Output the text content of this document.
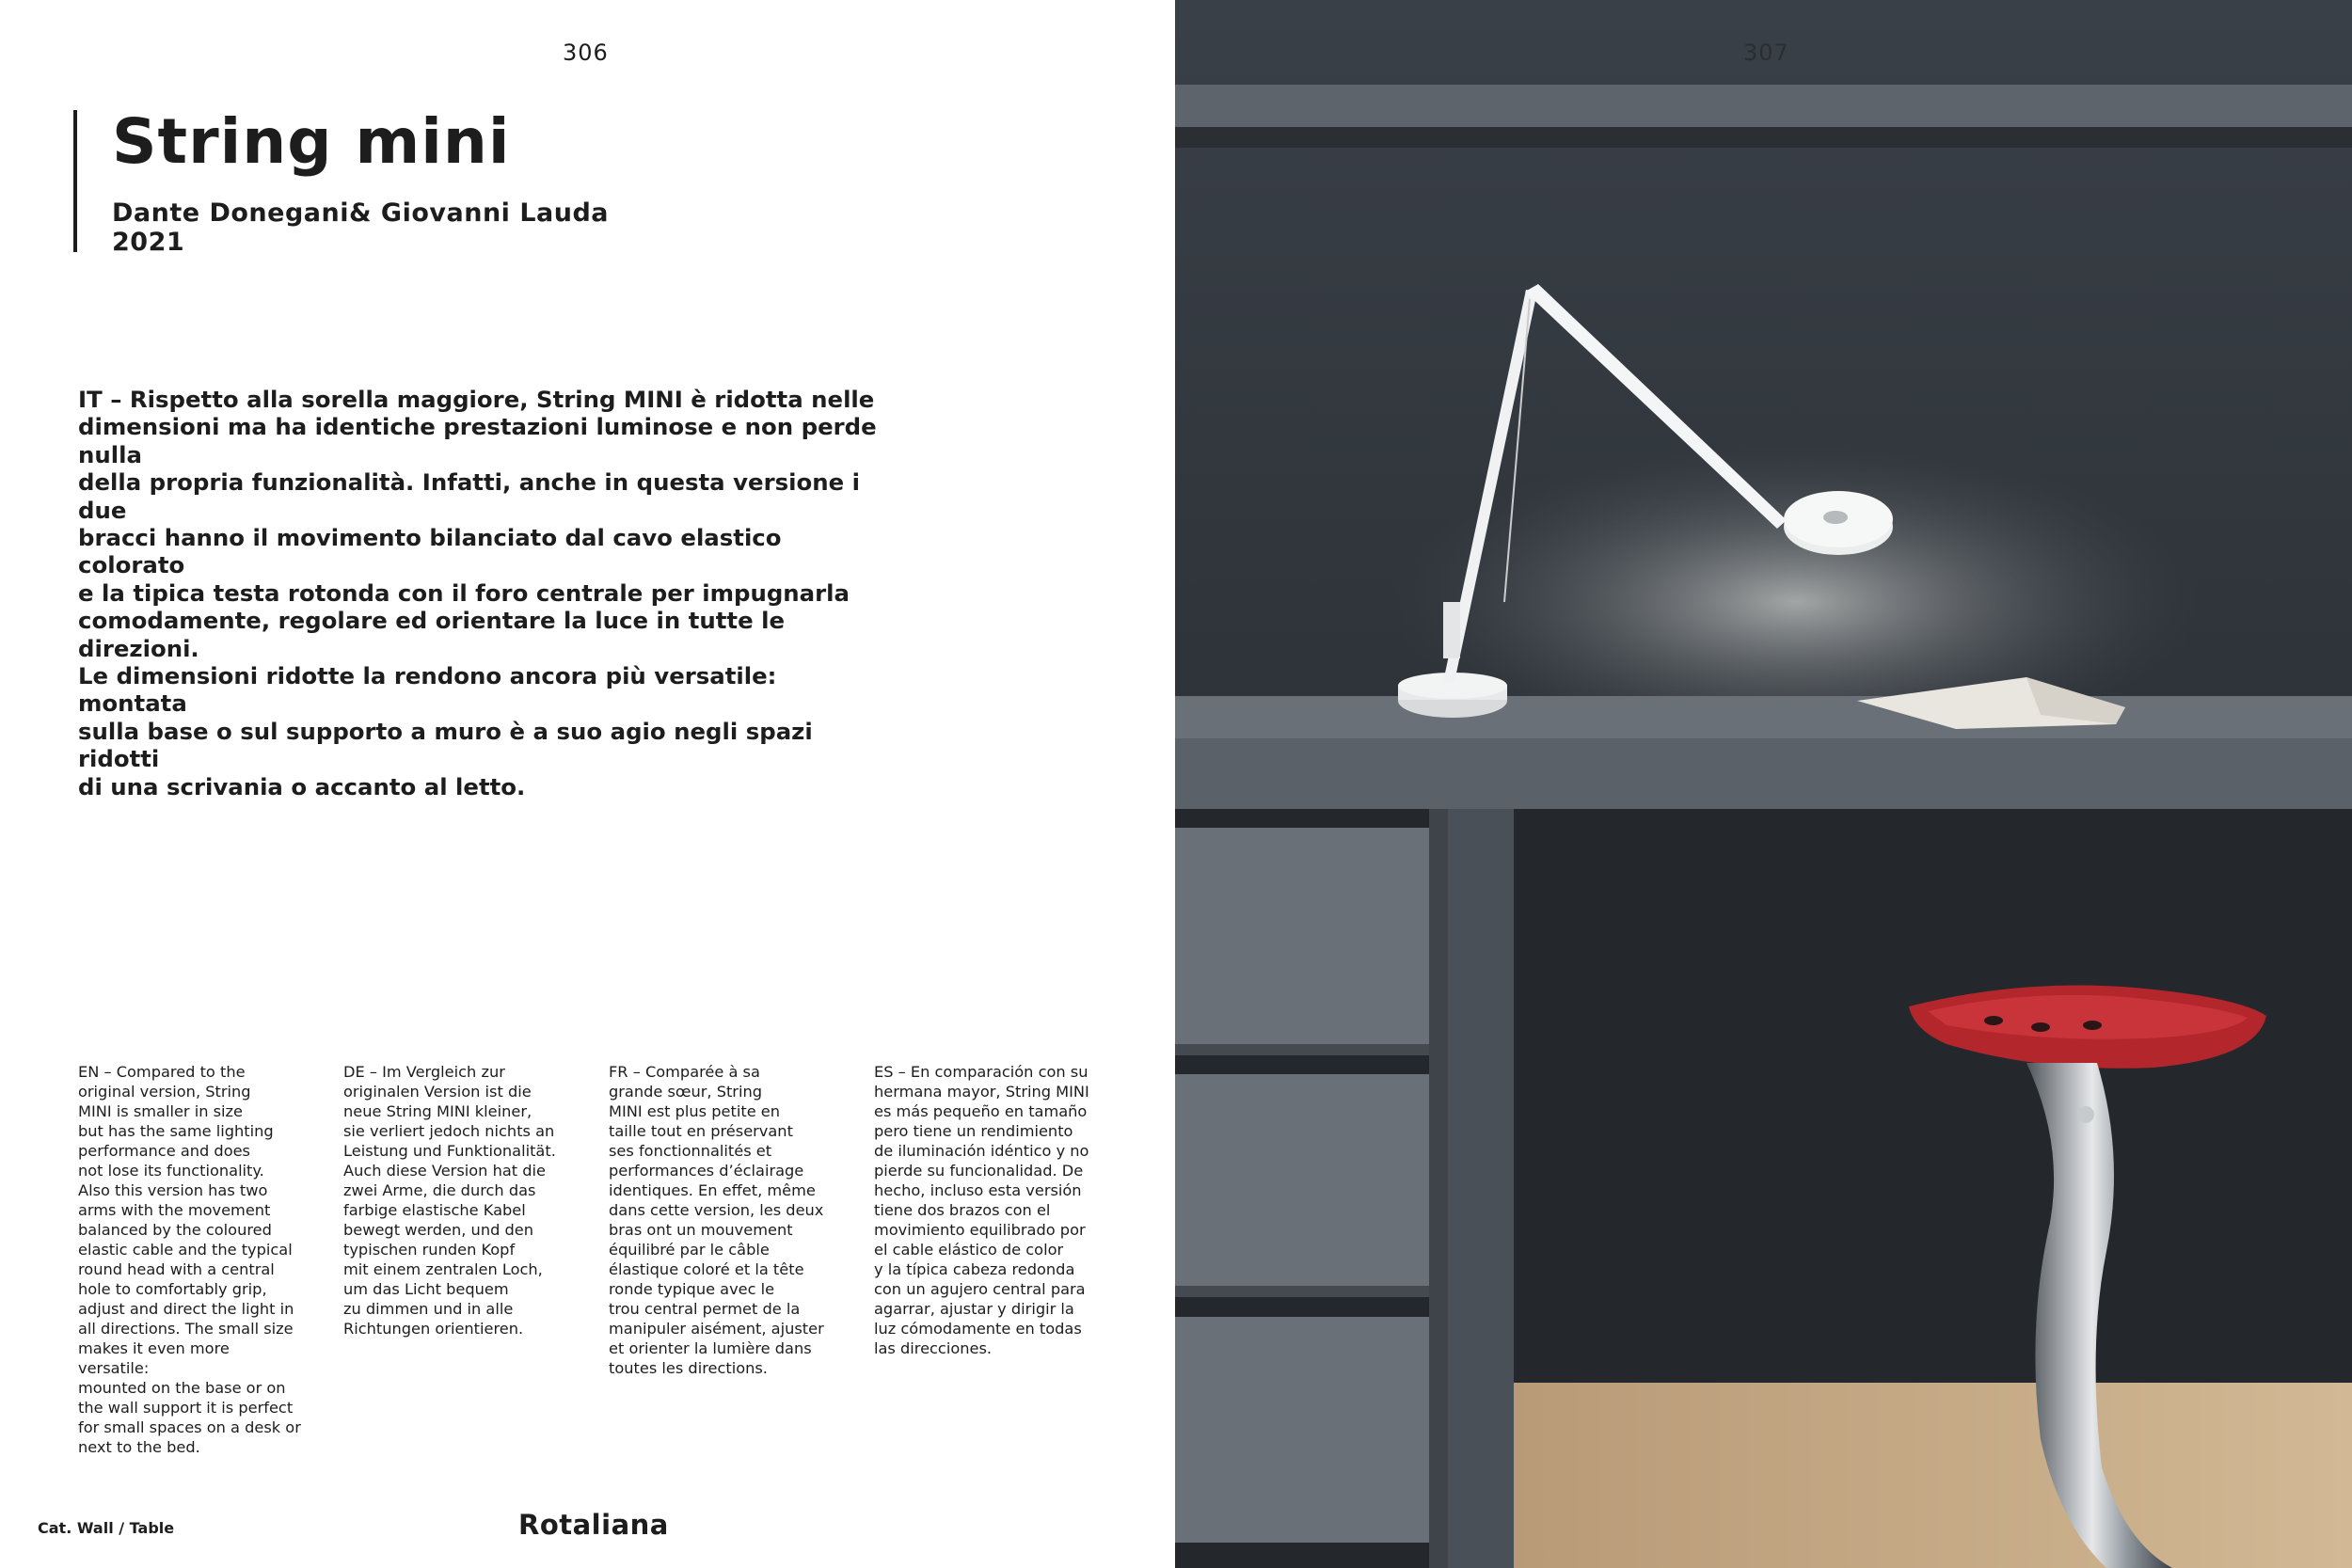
306
String mini
Dante Donegani& Giovanni Lauda
2021
IT – Rispetto alla sorella maggiore, String MINI è ridotta nelle
dimensioni ma ha identiche prestazioni luminose e non perde nulla
della propria funzionalità. Infatti, anche in questa versione i due
bracci hanno il movimento bilanciato dal cavo elastico colorato
e la tipica testa rotonda con il foro centrale per impugnarla
comodamente, regolare ed orientare la luce in tutte le direzioni.
Le dimensioni ridotte la rendono ancora più versatile: montata
sulla base o sul supporto a muro è a suo agio negli spazi ridotti
di una scrivania o accanto al letto.
EN – Compared to the
original version, String
MINI is smaller in size
but has the same lighting
performance and does
not lose its functionality.
Also this version has two
arms with the movement
balanced by the coloured
elastic cable and the typical
round head with a central
hole to comfortably grip,
adjust and direct the light in
all directions. The small size
makes it even more versatile:
mounted on the base or on
the wall support it is perfect
for small spaces on a desk or
next to the bed.
DE – Im Vergleich zur
originalen Version ist die
neue String MINI kleiner,
sie verliert jedoch nichts an
Leistung und Funktionalität.
Auch diese Version hat die
zwei Arme, die durch das
farbige elastische Kabel
bewegt werden, und den
typischen runden Kopf
mit einem zentralen Loch,
um das Licht bequem
zu dimmen und in alle
Richtungen orientieren.
FR – Comparée à sa
grande sœur, String
MINI est plus petite en
taille tout en préservant
ses fonctionnalités et
performances d’éclairage
identiques. En effet, même
dans cette version, les deux
bras ont un mouvement
équilibré par le câble
élastique coloré et la tête
ronde typique avec le
trou central permet de la
manipuler aisément, ajuster
et orienter la lumière dans
toutes les directions.
ES – En comparación con su
hermana mayor, String MINI
es más pequeño en tamaño
pero tiene un rendimiento
de iluminación idéntico y no
pierde su funcionalidad. De
hecho, incluso esta versión
tiene dos brazos con el
movimiento equilibrado por
el cable elástico de color
y la típica cabeza redonda
con un agujero central para
agarrar, ajustar y dirigir la
luz cómodamente en todas
las direcciones.
Cat. Wall / Table	Rotaliana
307
